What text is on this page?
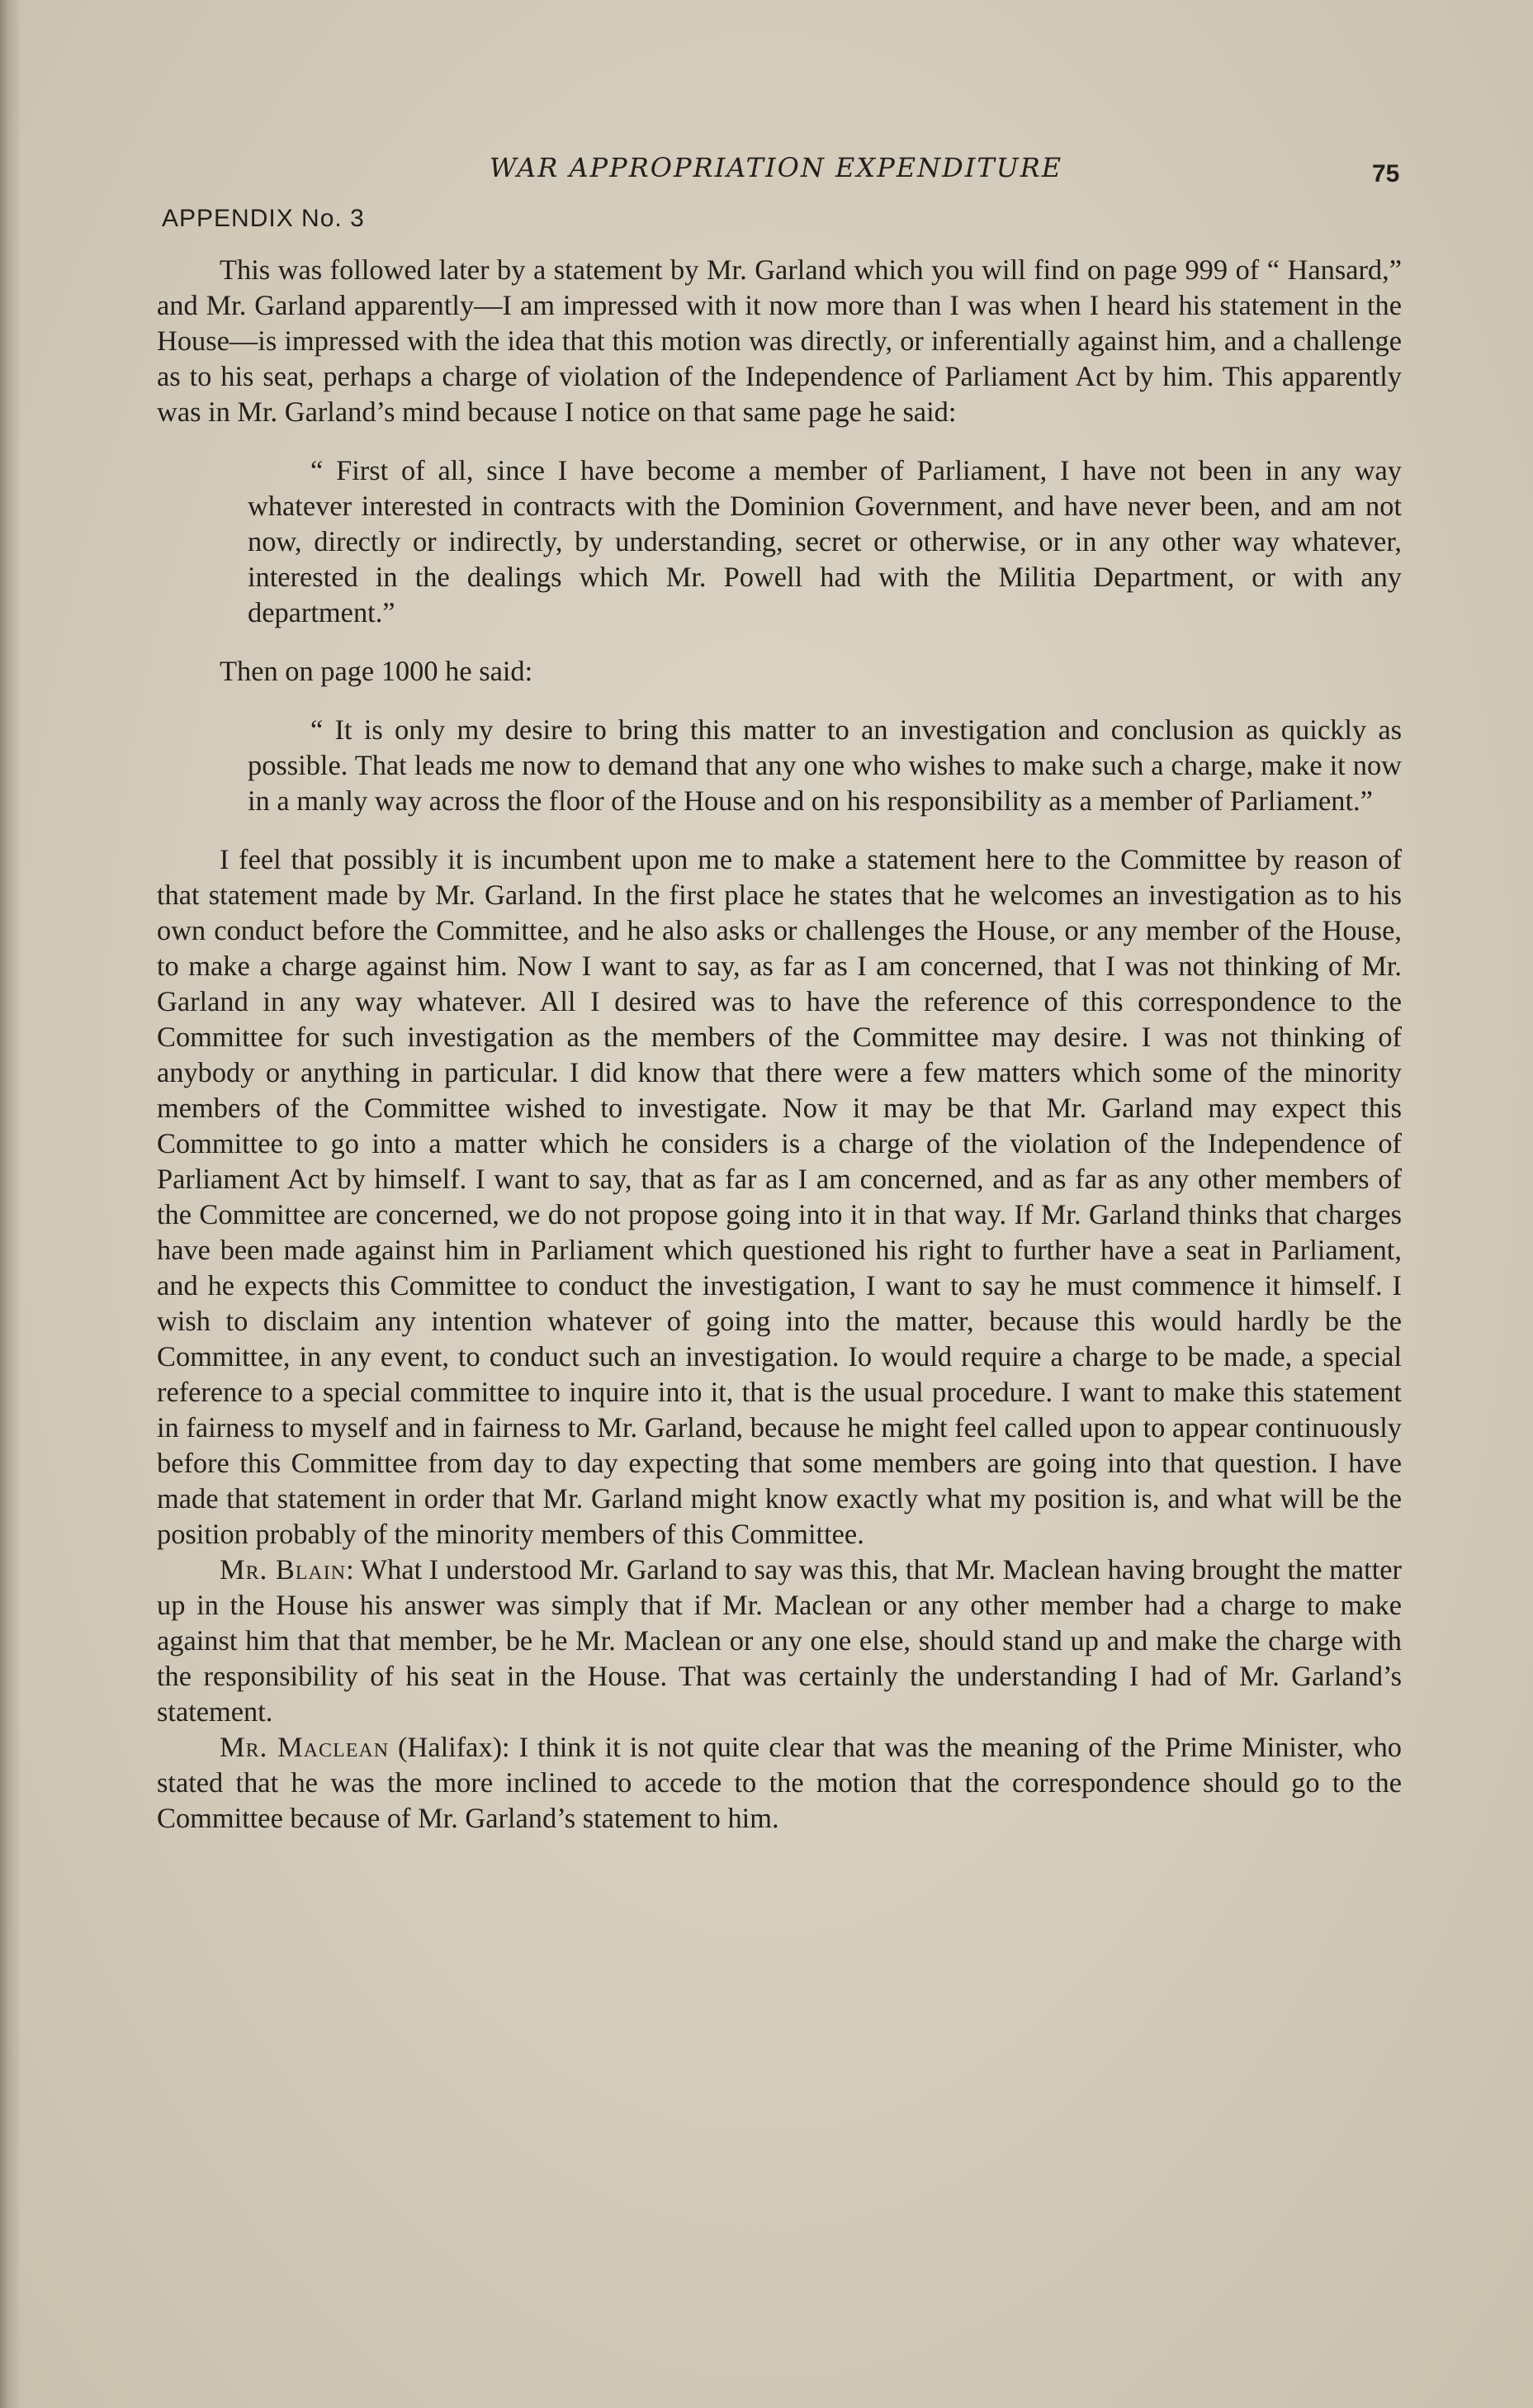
WAR APPROPRIATION EXPENDITURE	75
APPENDIX No. 3

This was followed later by a statement by Mr. Garland which you will find on page 999 of “ Hansard,” and Mr. Garland apparently—I am impressed with it now more than I was when I heard his statement in the House—is impressed with the idea that this motion was directly, or inferentially against him, and a challenge as to his seat, perhaps a charge of violation of the Independence of Parliament Act by him. This apparently was in Mr. Garland’s mind because I notice on that same page he said:

“ First of all, since I have become a member of Parliament, I have not been in any way whatever interested in contracts with the Dominion Government, and have never been, and am not now, directly or indirectly, by understanding, secret or otherwise, or in any other way whatever, interested in the dealings which Mr. Powell had with the Militia Department, or with any department.”

Then on page 1000 he said:

“ It is only my desire to bring this matter to an investigation and conclusion as quickly as possible. That leads me now to demand that any one who wishes to make such a charge, make it now in a manly way across the floor of the House and on his responsibility as a member of Parliament.”

I feel that possibly it is incumbent upon me to make a statement here to the Committee by reason of that statement made by Mr. Garland. In the first place he states that he welcomes an investigation as to his own conduct before the Committee, and he also asks or challenges the House, or any member of the House, to make a charge against him. Now I want to say, as far as I am concerned, that I was not thinking of Mr. Garland in any way whatever. All I desired was to have the reference of this correspondence to the Committee for such investigation as the members of the Committee may desire. I was not thinking of anybody or anything in particular. I did know that there were a few matters which some of the minority members of the Committee wished to investigate. Now it may be that Mr. Garland may expect this Committee to go into a matter which he considers is a charge of the violation of the Independence of Parliament Act by himself. I want to say, that as far as I am concerned, and as far as any other members of the Committee are concerned, we do not propose going into it in that way. If Mr. Garland thinks that charges have been made against him in Parliament which questioned his right to further have a seat in Parliament, and he expects this Committee to conduct the investigation, I want to say he must commence it himself. I wish to disclaim any intention whatever of going into the matter, because this would hardly be the Committee, in any event, to conduct such an investigation. Io would require a charge to be made, a special reference to a special committee to inquire into it, that is the usual procedure. I want to make this statement in fairness to myself and in fairness to Mr. Garland, because he might feel called upon to appear continuously before this Committee from day to day expecting that some members are going into that question. I have made that statement in order that Mr. Garland might know exactly what my position is, and what will be the position probably of the minority members of this Committee.

Mr. Blain: What I understood Mr. Garland to say was this, that Mr. Maclean having brought the matter up in the House his answer was simply that if Mr. Maclean or any other member had a charge to make against him that that member, be he Mr. Maclean or any one else, should stand up and make the charge with the responsibility of his seat in the House. That was certainly the understanding I had of Mr. Garland’s statement.

Mr. Maclean (Halifax): I think it is not quite clear that was the meaning of the Prime Minister, who stated that he was the more inclined to accede to the motion that the correspondence should go to the Committee because of Mr. Garland’s statement to him.
